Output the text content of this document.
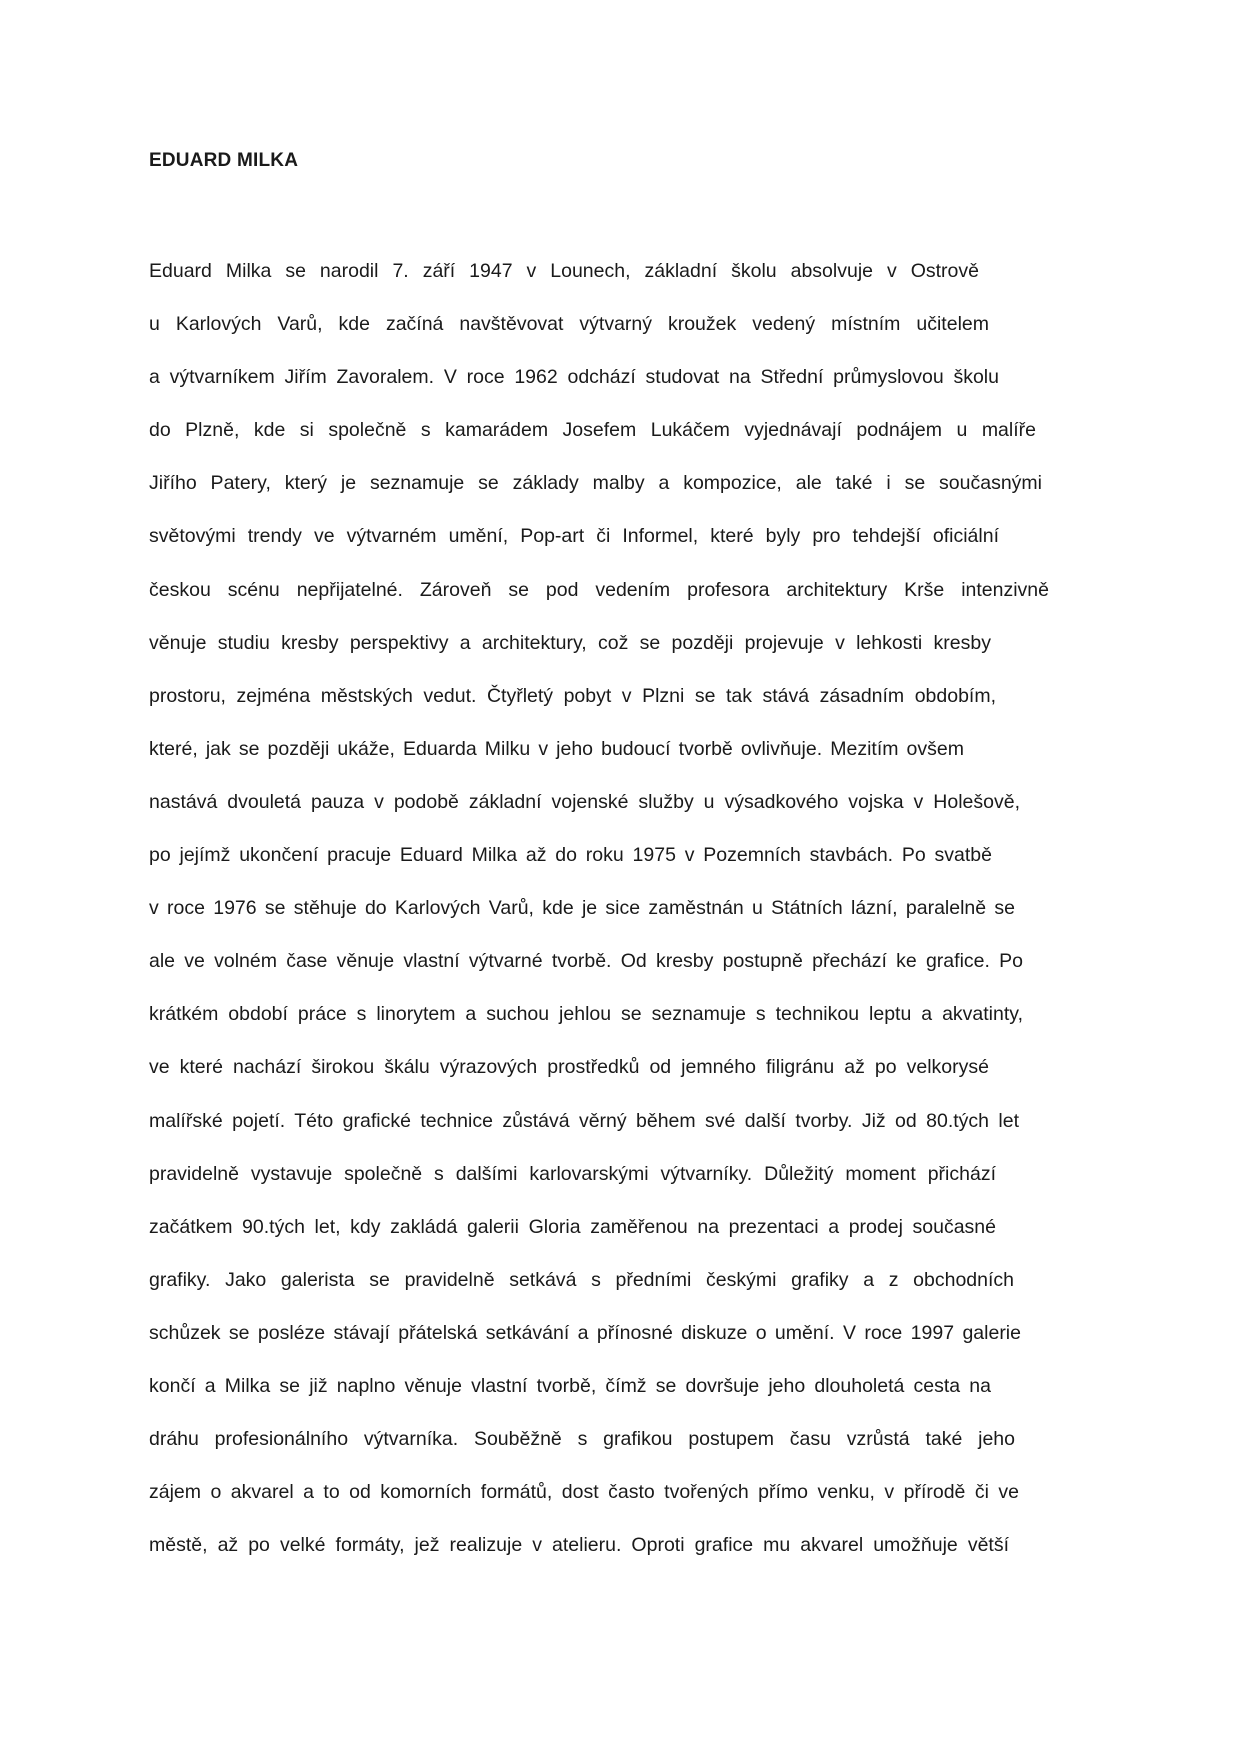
EDUARD MILKA
Eduard Milka se narodil 7. září 1947 v Lounech, základní školu absolvuje v Ostrově
u Karlových Varů, kde začíná navštěvovat výtvarný kroužek vedený místním učitelem
a výtvarníkem Jiřím Zavoralem. V roce 1962 odchází studovat na Střední průmyslovou školu
do Plzně, kde si společně s kamarádem Josefem Lukáčem vyjednávají podnájem u malíře
Jiřího Patery, který je seznamuje se základy malby a kompozice, ale také i se současnými
světovými trendy ve výtvarném umění, Pop-art či Informel, které byly pro tehdejší oficiální
českou scénu nepřijatelné. Zároveň se pod vedením profesora architektury Krše intenzivně
věnuje studiu kresby perspektivy a architektury, což se později projevuje v lehkosti kresby
prostoru, zejména městských vedut. Čtyřletý pobyt v Plzni se tak stává zásadním obdobím,
které, jak se později ukáže, Eduarda Milku v jeho budoucí tvorbě ovlivňuje. Mezitím ovšem
nastává dvouletá pauza v podobě základní vojenské služby u výsadkového vojska v Holešově,
po jejímž ukončení pracuje Eduard Milka až do roku 1975 v Pozemních stavbách. Po svatbě
v roce 1976 se stěhuje do Karlových Varů, kde je sice zaměstnán u Státních lázní, paralelně se
ale ve volném čase věnuje vlastní výtvarné tvorbě. Od kresby postupně přechází ke grafice. Po
krátkém období práce s linorytem a suchou jehlou se seznamuje s technikou leptu a akvatinty,
ve které nachází širokou škálu výrazových prostředků od jemného filigránu až po velkorysé
malířské pojetí. Této grafické technice zůstává věrný během své další tvorby. Již od 80.tých let
pravidelně vystavuje společně s dalšími karlovarskými výtvarníky. Důležitý moment přichází
začátkem 90.tých let, kdy zakládá galerii Gloria zaměřenou na prezentaci a prodej současné
grafiky. Jako galerista se pravidelně setkává s předními českými grafiky a z obchodních
schůzek se posléze stávají přátelská setkávání a přínosné diskuze o umění. V roce 1997 galerie
končí a Milka se již naplno věnuje vlastní tvorbě, čímž se dovršuje jeho dlouholetá cesta na
dráhu profesionálního výtvarníka. Souběžně s grafikou postupem času vzrůstá také jeho
zájem o akvarel a to od komorních formátů, dost často tvořených přímo venku, v přírodě či ve
městě, až po velké formáty, jež realizuje v atelieru. Oproti grafice mu akvarel umožňuje větší
